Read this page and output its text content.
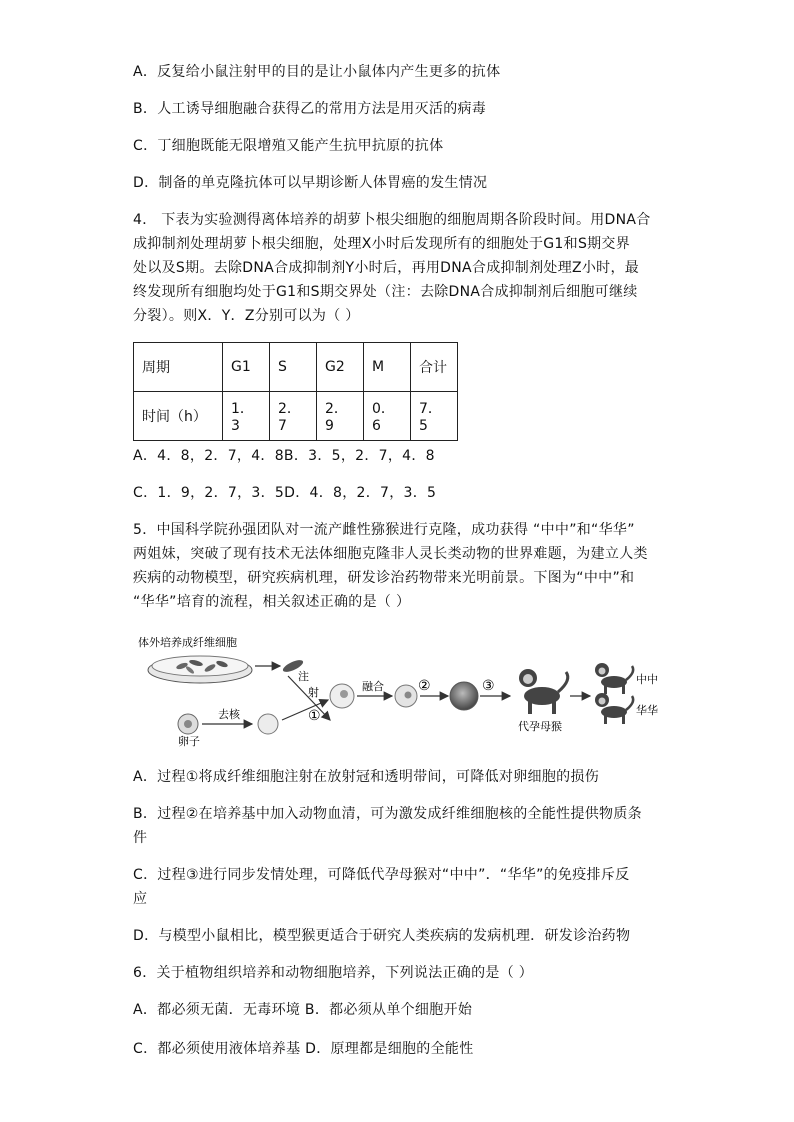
A．反复给小鼠注射甲的目的是让小鼠体内产生更多的抗体
B．人工诱导细胞融合获得乙的常用方法是用灭活的病毒
C．丁细胞既能无限增殖又能产生抗甲抗原的抗体
D．制备的单克隆抗体可以早期诊断人体胃癌的发生情况
4． 下表为实验测得离体培养的胡萝卜根尖细胞的细胞周期各阶段时间。用DNA合
成抑制剂处理胡萝卜根尖细胞，处理X小时后发现所有的细胞处于G1和S期交界
处以及S期。去除DNA合成抑制剂Y小时后，再用DNA合成抑制剂处理Z小时，最
终发现所有细胞均处于G1和S期交界处（注：去除DNA合成抑制剂后细胞可继续
分裂）。则X．Y．Z分别可以为（ ）
周期	G1	S	G2	M	合计
时间（h）	1．3	2．7	2．9	0．6	7．5
A．4．8，2．7，4．8B．3．5，2．7，4．8
C．1．9，2．7，3．5D．4．8，2．7，3．5
5．中国科学院孙强团队对一流产雌性猕猴进行克隆，成功获得 “中中”和“华华”
两姐妹，突破了现有技术无法体细胞克隆非人灵长类动物的世界难题，为建立人类
疾病的动物模型，研究疾病机理，研发诊治药物带来光明前景。下图为“中中”和
“华华”培育的流程，相关叙述正确的是（ ）
体外培养成纤维细胞
注
射
卵子
去核	①
融合 ②	③
代孕母猴
中中
华华
A．过程①将成纤维细胞注射在放射冠和透明带间，可降低对卵细胞的损伤
B．过程②在培养基中加入动物血清，可为激发成纤维细胞核的全能性提供物质条
件
C．过程③进行同步发情处理，可降低代孕母猴对“中中”．“华华”的免疫排斥反
应
D．与模型小鼠相比，模型猴更适合于研究人类疾病的发病机理．研发诊治药物
6．关于植物组织培养和动物细胞培养，下列说法正确的是（ ）
A．都必须无菌．无毒环境 B．都必须从单个细胞开始
C．都必须使用液体培养基 D．原理都是细胞的全能性
